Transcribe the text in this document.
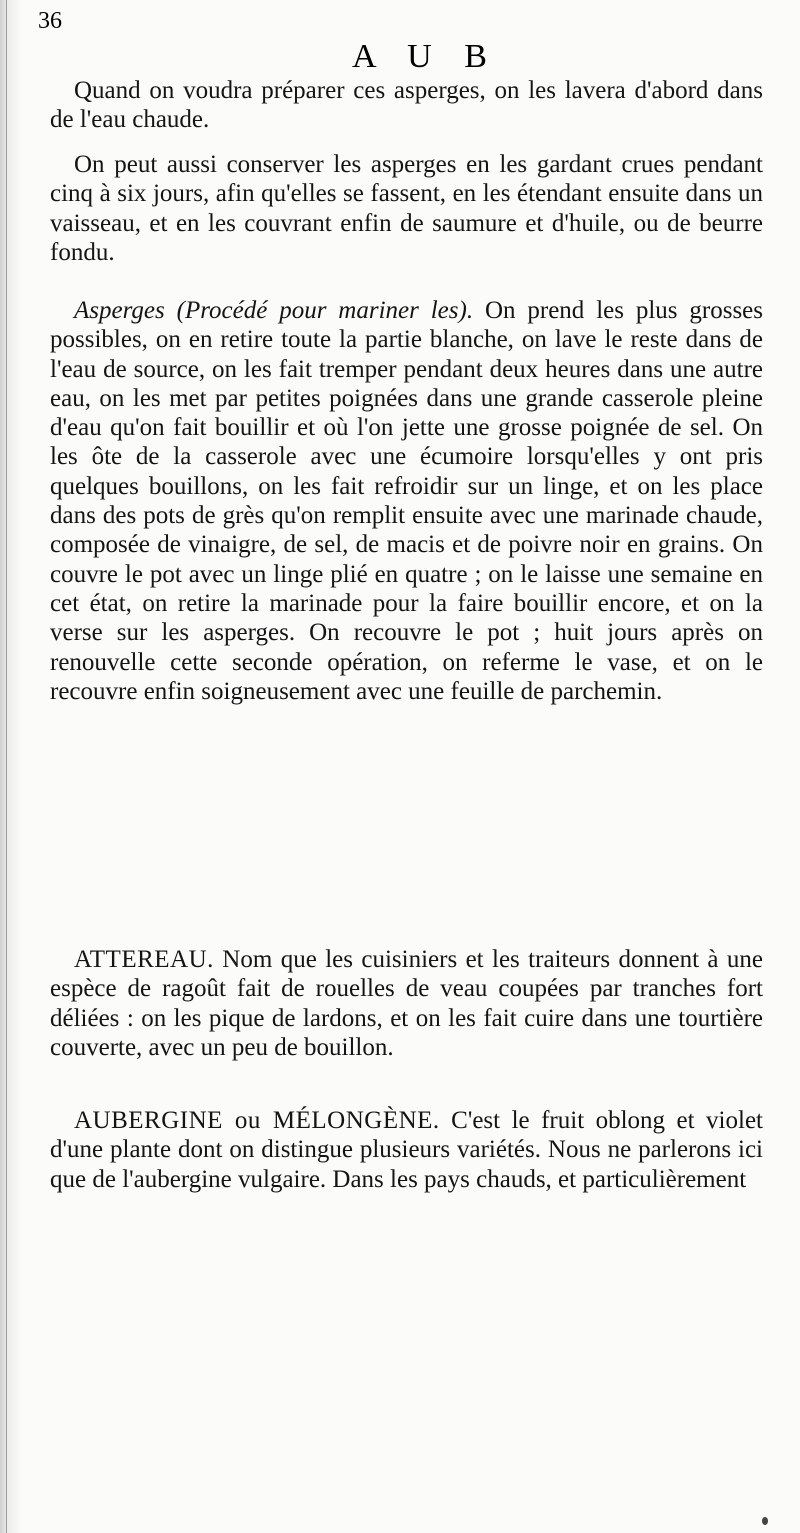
36
A U B

Quand on voudra préparer ces asperges, on les lavera d'abord dans de l'eau chaude.

On peut aussi conserver les asperges en les gardant crues pendant cinq à six jours, afin qu'elles se fassent, en les étendant ensuite dans un vaisseau, et en les couvrant enfin de saumure et d'huile, ou de beurre fondu.

Asperges (Procédé pour mariner les). On prend les plus grosses possibles, on en retire toute la partie blanche, on lave le reste dans de l'eau de source, on les fait tremper pendant deux heures dans une autre eau, on les met par petites poignées dans une grande casserole pleine d'eau qu'on fait bouillir et où l'on jette une grosse poignée de sel. On les ôte de la casserole avec une écumoire lorsqu'elles y ont pris quelques bouillons, on les fait refroidir sur un linge, et on les place dans des pots de grès qu'on remplit ensuite avec une marinade chaude, composée de vinaigre, de sel, de macis et de poivre noir en grains. On couvre le pot avec un linge plié en quatre ; on le laisse une semaine en cet état, on retire la marinade pour la faire bouillir encore, et on la verse sur les asperges. On recouvre le pot ; huit jours après on renouvelle cette seconde opération, on referme le vase, et on le recouvre enfin soigneusement avec une feuille de parchemin.

ATTEREAU. Nom que les cuisiniers et les traiteurs donnent à une espèce de ragoût fait de rouelles de veau coupées par tranches fort déliées : on les pique de lardons, et on les fait cuire dans une tourtière couverte, avec un peu de bouillon.

AUBERGINE ou MÉLONGÈNE. C'est le fruit oblong et violet d'une plante dont on distingue plusieurs variétés. Nous ne parlerons ici que de l'aubergine vulgaire. Dans les pays chauds, et particulièrement
